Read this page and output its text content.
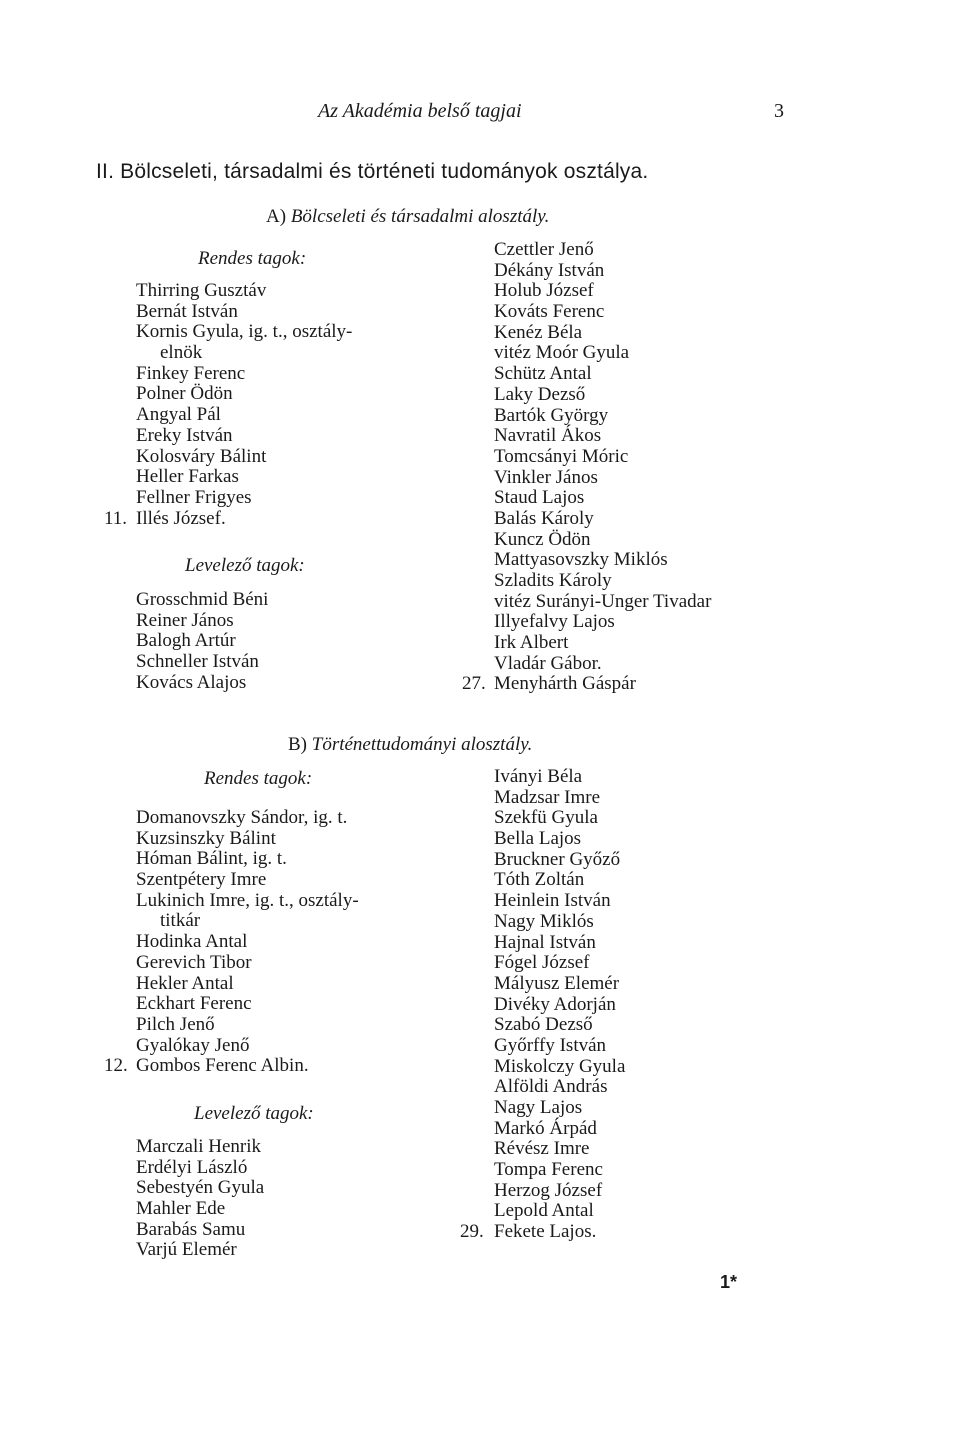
Az Akadémia belső tagjai	3
II. Bölcseleti, társadalmi és történeti tudományok osztálya.
A) Bölcseleti és társadalmi alosztály.
Rendes tagok:
Thirring Gusztáv
Bernát István
Kornis Gyula, ig. t., osztály-
elnök
Finkey Ferenc
Polner Ödön
Angyal Pál
Ereky István
Kolosváry Bálint
Heller Farkas
Fellner Frigyes
Illés József.
11.
Czettler Jenő
Dékány István
Holub József
Kováts Ferenc
Kenéz Béla
vitéz Moór Gyula
Schütz Antal
Laky Dezső
Bartók György
Navratil Ákos
Tomcsányi Móric
Vinkler János
Staud Lajos
Balás Károly
Kuncz Ödön
Mattyasovszky Miklós
Szladits Károly
vitéz Surányi-Unger Tivadar
Illyefalvy Lajos
Irk Albert
Vladár Gábor.
Menyhárth Gáspár
27.
Levelező tagok:
Grosschmid Béni
Reiner János
Balogh Artúr
Schneller István
Kovács Alajos
B) Történettudományi alosztály.
Rendes tagok:
Domanovszky Sándor, ig. t.
Kuzsinszky Bálint
Hóman Bálint, ig. t.
Szentpétery Imre
Lukinich Imre, ig. t., osztály-
titkár
Hodinka Antal
Gerevich Tibor
Hekler Antal
Eckhart Ferenc
Pilch Jenő
Gyalókay Jenő
Gombos Ferenc Albin.
12.
Iványi Béla
Madzsar Imre
Szekfü Gyula
Bella Lajos
Bruckner Győző
Tóth Zoltán
Heinlein István
Nagy Miklós
Hajnal István
Fógel József
Mályusz Elemér
Divéky Adorján
Szabó Dezső
Győrffy István
Miskolczy Gyula
Alföldi András
Nagy Lajos
Markó Árpád
Révész Imre
Tompa Ferenc
Herzog József
Lepold Antal
Fekete Lajos.
29.
Levelező tagok:
Marczali Henrik
Erdélyi László
Sebestyén Gyula
Mahler Ede
Barabás Samu
Varjú Elemér
1*
